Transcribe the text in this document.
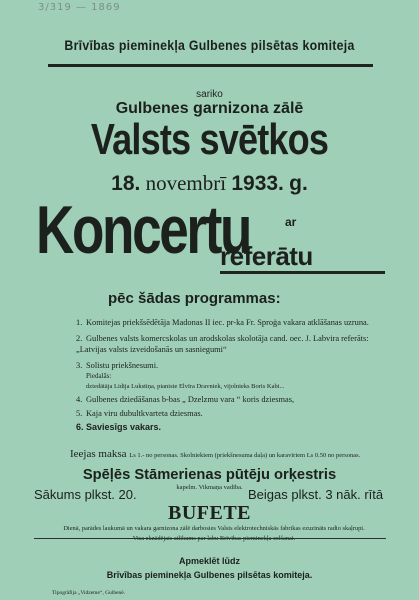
3/319 — 1869
Brīvības pieminekļa Gulbenes pilsētas komiteja
sariko
Gulbenes garnizona zālē
Valsts svētkos
18. novembrī 1933. g.
Koncertu	ar
referātu
pēc šādas programmas:
1. Komitejas priekšsēdētāja Madonas II iec. pr-ka Fr. Sproģa vakara atklāšanas uzruna.
2. Gulbenes valsts komercskolas un arodskolas skolotāja cand. oec. J. Labvira referāts: „Latvijas valsts izveidošanās un sasniegumi“
3. Solistu priekšnesumi.
Piedalās:
dziedātāja Lidija Lukstiņa, pianiste Elvīra Dravniek, vijolnieks Boris Kabi...
4. Gulbenes dziedāšanas b-bas „ Dzelzmu vara “ koris dziesmas,
5. Kaja viru dubultkvarteta dziesmas.
6. Saviesīgs vakars.
Ieejas maksa Ls 1.- no personas. Skolniekiem (priekšnesuma daļa) un karavīriem Ls 0.50 no personas.
Spēļēs Stāmerienas pūtēju orķestris
kapelm. Vikmaņa vadība.
Sākums plkst. 20.	Beigas plkst. 3 nāk. rītā
BUFETE
Dienā, parādes laukumā un vakara garnizona zālē darbosies Valsts elektrotechniskās fabrikas ezuzināts radio skaļrupi.
Apmeklēt lūdz
Brīvības pieminekļa Gulbenes pilsētas komiteja.
Tipogrāfija „Vidzeme“, Gulbenē.
